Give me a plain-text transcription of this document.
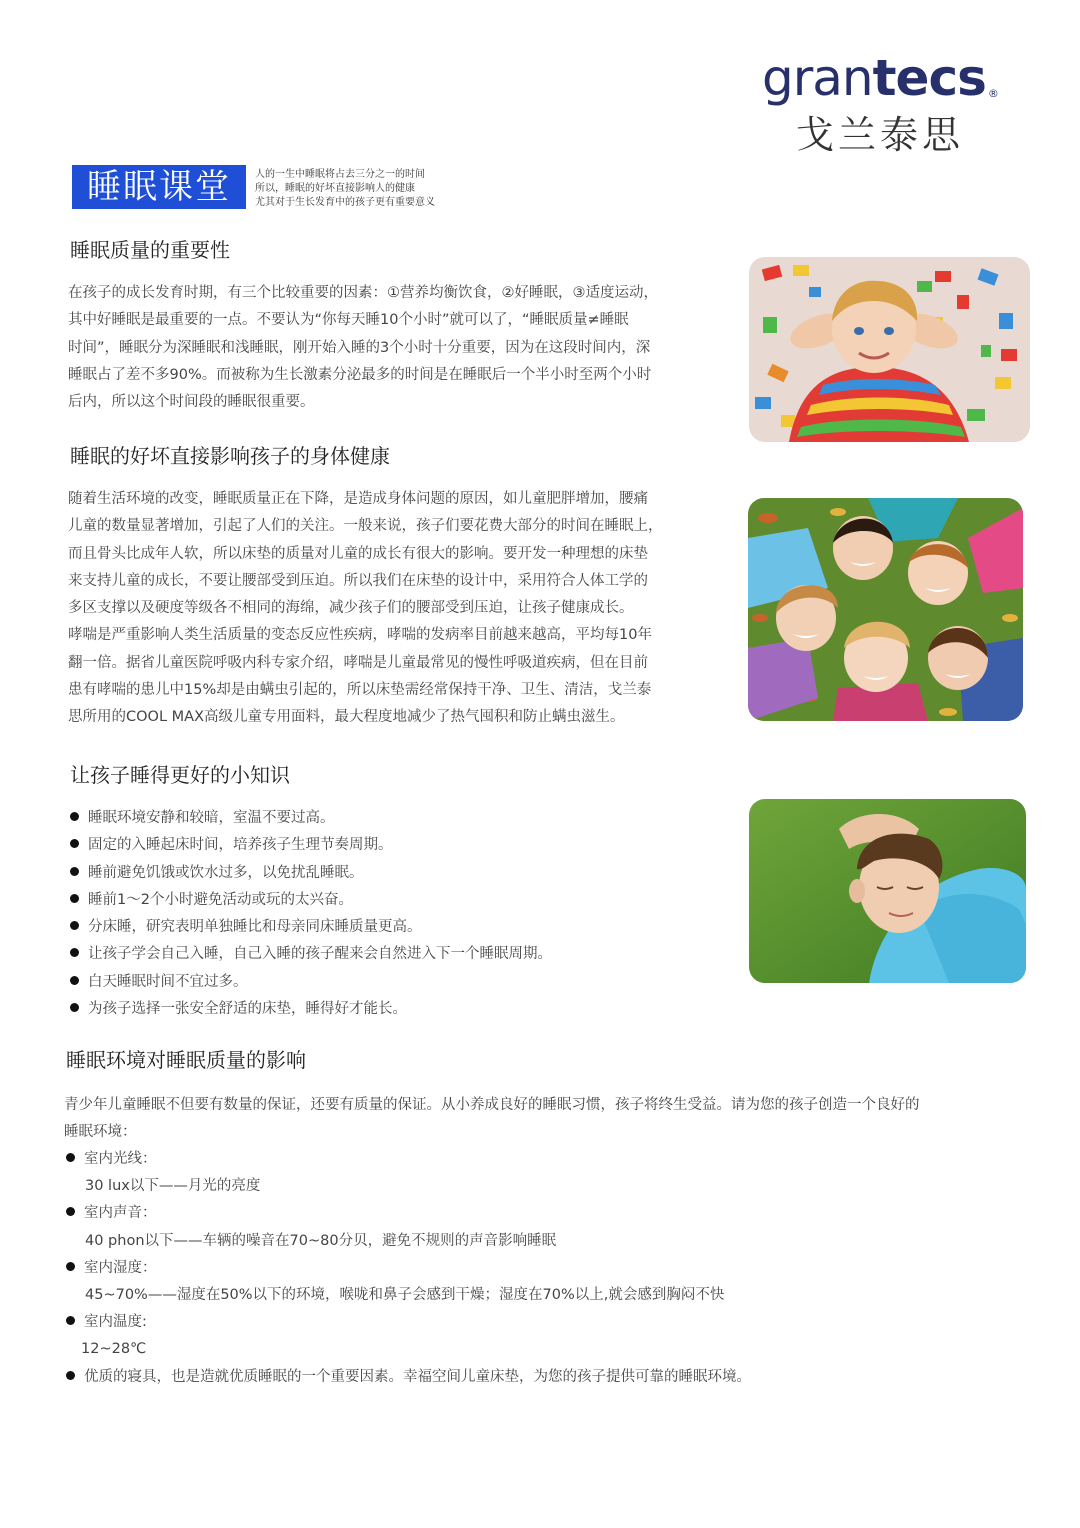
grantecs ®
戈兰泰思
睡眠课堂	人的一生中睡眠将占去三分之一的时间
所以，睡眠的好坏直接影响人的健康
尤其对于生长发育中的孩子更有重要意义
睡眠质量的重要性
在孩子的成长发育时期，有三个比较重要的因素：①营养均衡饮食，②好睡眠，③适度运动，
其中好睡眠是最重要的一点。不要认为“你每天睡10个小时”就可以了，“睡眠质量≠睡眠
时间”，睡眠分为深睡眠和浅睡眠，刚开始入睡的3个小时十分重要，因为在这段时间内，深
睡眠占了差不多90%。而被称为生长激素分泌最多的时间是在睡眠后一个半小时至两个小时
后内，所以这个时间段的睡眠很重要。
睡眠的好坏直接影响孩子的身体健康
随着生活环境的改变，睡眠质量正在下降，是造成身体问题的原因，如儿童肥胖增加，腰痛
儿童的数量显著增加，引起了人们的关注。一般来说，孩子们要花费大部分的时间在睡眠上，
而且骨头比成年人软，所以床垫的质量对儿童的成长有很大的影响。要开发一种理想的床垫
来支持儿童的成长，不要让腰部受到压迫。所以我们在床垫的设计中，采用符合人体工学的
多区支撑以及硬度等级各不相同的海绵，减少孩子们的腰部受到压迫，让孩子健康成长。
哮喘是严重影响人类生活质量的变态反应性疾病，哮喘的发病率目前越来越高，平均每10年
翻一倍。据省儿童医院呼吸内科专家介绍，哮喘是儿童最常见的慢性呼吸道疾病，但在目前
患有哮喘的患儿中15%却是由螨虫引起的，所以床垫需经常保持干净、卫生、清洁，戈兰泰
思所用的COOL MAX高级儿童专用面料，最大程度地减少了热气囤积和防止螨虫滋生。
让孩子睡得更好的小知识
睡眠环境安静和较暗，室温不要过高。
固定的入睡起床时间，培养孩子生理节奏周期。
睡前避免饥饿或饮水过多，以免扰乱睡眠。
睡前1～2个小时避免活动或玩的太兴奋。
分床睡，研究表明单独睡比和母亲同床睡质量更高。
让孩子学会自己入睡，自己入睡的孩子醒来会自然进入下一个睡眠周期。
白天睡眠时间不宜过多。
为孩子选择一张安全舒适的床垫，睡得好才能长。
睡眠环境对睡眠质量的影响
青少年儿童睡眠不但要有数量的保证，还要有质量的保证。从小养成良好的睡眠习惯，孩子将终生受益。请为您的孩子创造一个良好的
睡眠环境：
室内光线：
30 lux以下——月光的亮度
室内声音：
40 phon以下——车辆的噪音在70~80分贝，避免不规则的声音影响睡眠
室内湿度：
45~70%——湿度在50%以下的环境，喉咙和鼻子会感到干燥；湿度在70%以上,就会感到胸闷不快
室内温度:
12~28℃
优质的寝具，也是造就优质睡眠的一个重要因素。幸福空间儿童床垫，为您的孩子提供可靠的睡眠环境。
